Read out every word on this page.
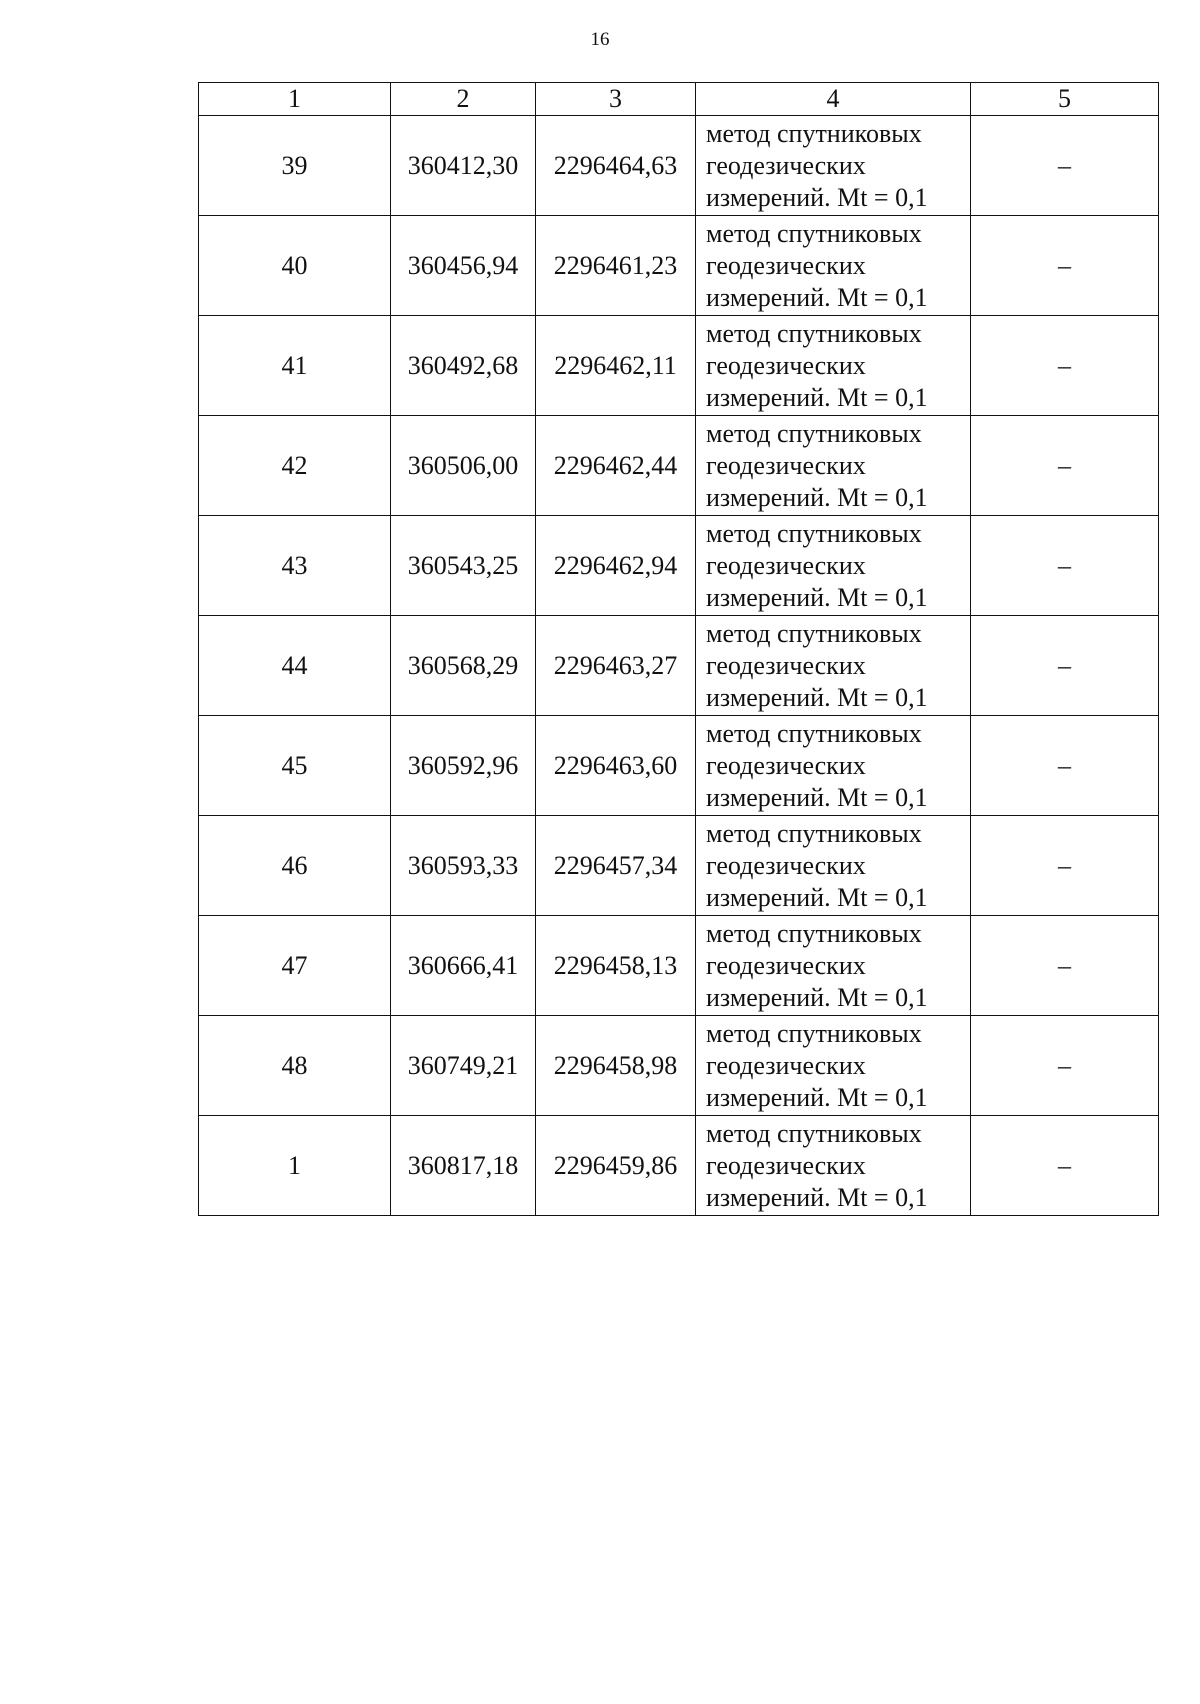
16
1	2	3	4	5
39	360412,30	2296464,63	метод спутниковых
геодезических
измерений. Mt = 0,1	–
40	360456,94	2296461,23	метод спутниковых
геодезических
измерений. Mt = 0,1	–
41	360492,68	2296462,11	метод спутниковых
геодезических
измерений. Mt = 0,1	–
42	360506,00	2296462,44	метод спутниковых
геодезических
измерений. Mt = 0,1	–
43	360543,25	2296462,94	метод спутниковых
геодезических
измерений. Mt = 0,1	–
44	360568,29	2296463,27	метод спутниковых
геодезических
измерений. Mt = 0,1	–
45	360592,96	2296463,60	метод спутниковых
геодезических
измерений. Mt = 0,1	–
46	360593,33	2296457,34	метод спутниковых
геодезических
измерений. Mt = 0,1	–
47	360666,41	2296458,13	метод спутниковых
геодезических
измерений. Mt = 0,1	–
48	360749,21	2296458,98	метод спутниковых
геодезических
измерений. Mt = 0,1	–
1	360817,18	2296459,86	метод спутниковых
геодезических
измерений. Mt = 0,1	–
